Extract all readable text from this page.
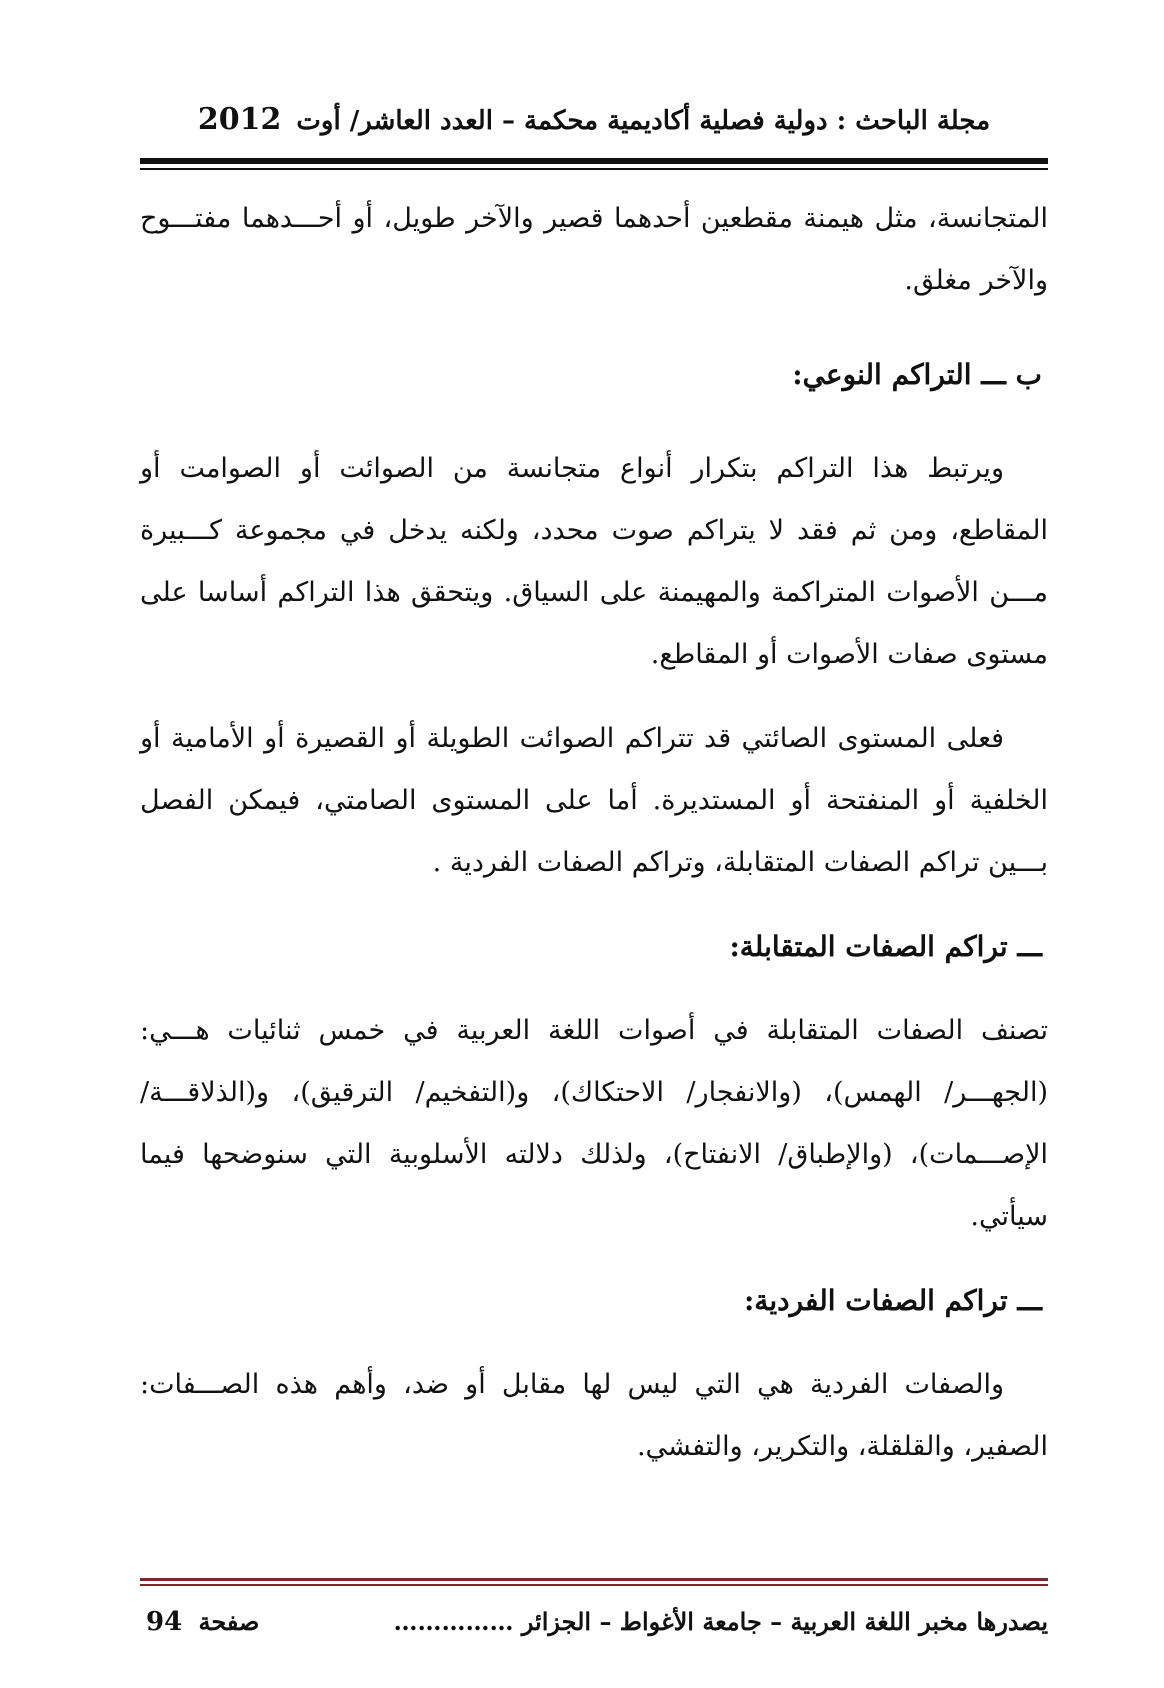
مجلة الباحث : دولية فصلية أكاديمية محكمة – العدد العاشر/ أوت 2012

المتجانسة، مثل هيمنة مقطعين أحدهما قصير والآخر طويل، أو أحـــدهما مفتـــوح والآخر مغلق.

ب ـــ التراكم النوعي:

ويرتبط هذا التراكم بتكرار أنواع متجانسة من الصوائت أو الصوامت أو المقاطع، ومن ثم فقد لا يتراكم صوت محدد، ولكنه يدخل في مجموعة كـــبيرة مـــن الأصوات المتراكمة والمهيمنة على السياق. ويتحقق هذا التراكم أساسا على مستوى صفات الأصوات أو المقاطع.

فعلى المستوى الصائتي قد تتراكم الصوائت الطويلة أو القصيرة أو الأمامية أو الخلفية أو المنفتحة أو المستديرة. أما على المستوى الصامتي، فيمكن الفصل بـــين تراكم الصفات المتقابلة، وتراكم الصفات الفردية .

ـــ تراكم الصفات المتقابلة:

تصنف الصفات المتقابلة في أصوات اللغة العربية في خمس ثنائيات هـــي: (الجهـــر/ الهمس)، (والانفجار/ الاحتكاك)، و(التفخيم/ الترقيق)، و(الذلاقـــة/ الإصـــمات)، (والإطباق/ الانفتاح)، ولذلك دلالته الأسلوبية التي سنوضحها فيما سيأتي.

ـــ تراكم الصفات الفردية:

والصفات الفردية هي التي ليس لها مقابل أو ضد، وأهم هذه الصـــفات: الصفير، والقلقلة، والتكرير، والتفشي.

يصدرها مخبر اللغة العربية – جامعة الأغواط – الجزائر ……………
صفحة 94
